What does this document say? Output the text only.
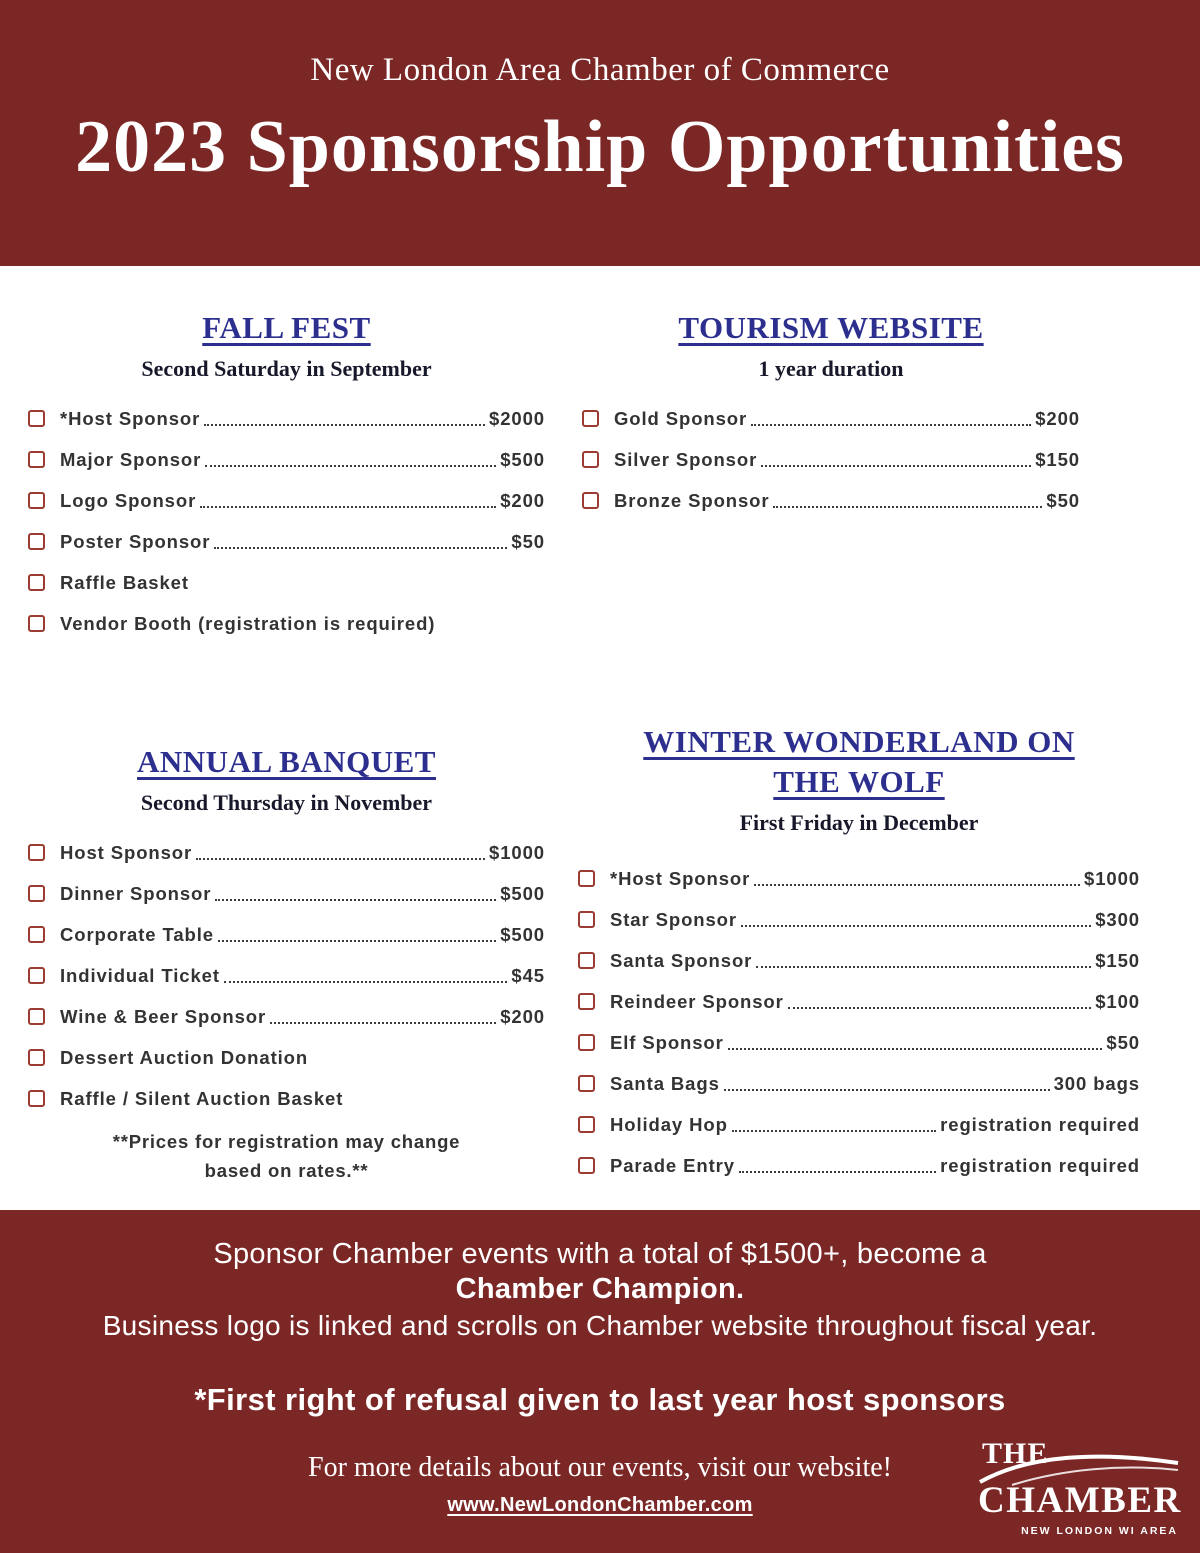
New London Area Chamber of Commerce
2023 Sponsorship Opportunities
FALL FEST
Second Saturday in September
*Host Sponsor	$2000
Major Sponsor	$500
Logo Sponsor	$200
Poster Sponsor	$50
Raffle Basket
Vendor Booth (registration is required)
TOURISM WEBSITE
1 year duration
Gold Sponsor	$200
Silver Sponsor	$150
Bronze Sponsor	$50
ANNUAL BANQUET
Second Thursday in November
Host Sponsor	$1000
Dinner Sponsor	$500
Corporate Table	$500
Individual Ticket	$45
Wine & Beer Sponsor	$200
Dessert Auction Donation
Raffle / Silent Auction Basket
**Prices for registration may change
based on rates.**
WINTER WONDERLAND ON
THE WOLF
First Friday in December
*Host Sponsor	$1000
Star Sponsor	$300
Santa Sponsor	$150
Reindeer Sponsor	$100
Elf Sponsor	$50
Santa Bags	300 bags
Holiday Hop	registration required
Parade Entry	registration required
Sponsor Chamber events with a total of $1500+, become a
Chamber Champion.
Business logo is linked and scrolls on Chamber website throughout fiscal year.
*First right of refusal given to last year host sponsors
For more details about our events, visit our website!
www.NewLondonChamber.com
THE
CHAMBER
NEW LONDON WI AREA
